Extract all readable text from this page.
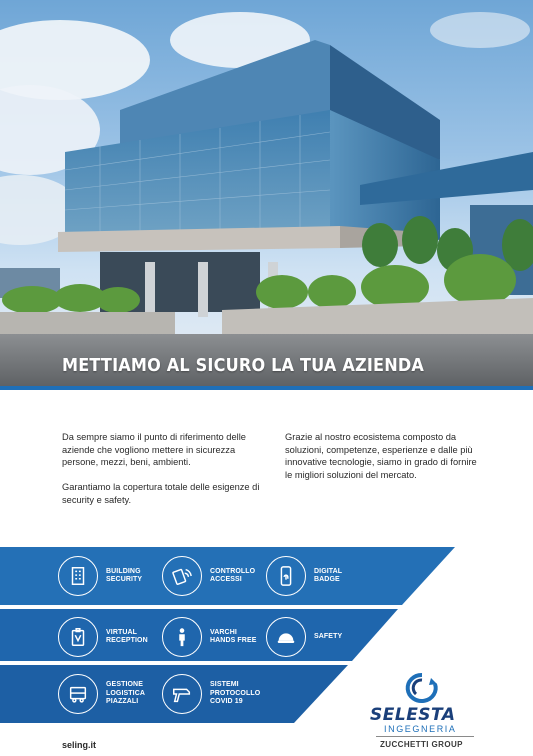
METTIAMO AL SICURO LA TUA AZIENDA

Da sempre siamo il punto di riferimento delle aziende che vogliono mettere in sicurezza persone, mezzi, beni, ambienti.

Garantiamo la copertura totale delle esigenze di security e safety.

Grazie al nostro ecosistema composto da soluzioni, competenze, esperienze e dalle più innovative tecnologie, siamo in grado di fornire le migliori soluzioni del mercato.

BUILDING
SECURITY
CONTROLLO
ACCESSI
DIGITAL
BADGE
VIRTUAL
RECEPTION
VARCHI
HANDS FREE
SAFETY
GESTIONE
LOGISTICA
PIAZZALI
SISTEMI
PROTOCOLLO
COVID 19
seling.it
SELESTA
INGEGNERIA
ZUCCHETTI GROUP
